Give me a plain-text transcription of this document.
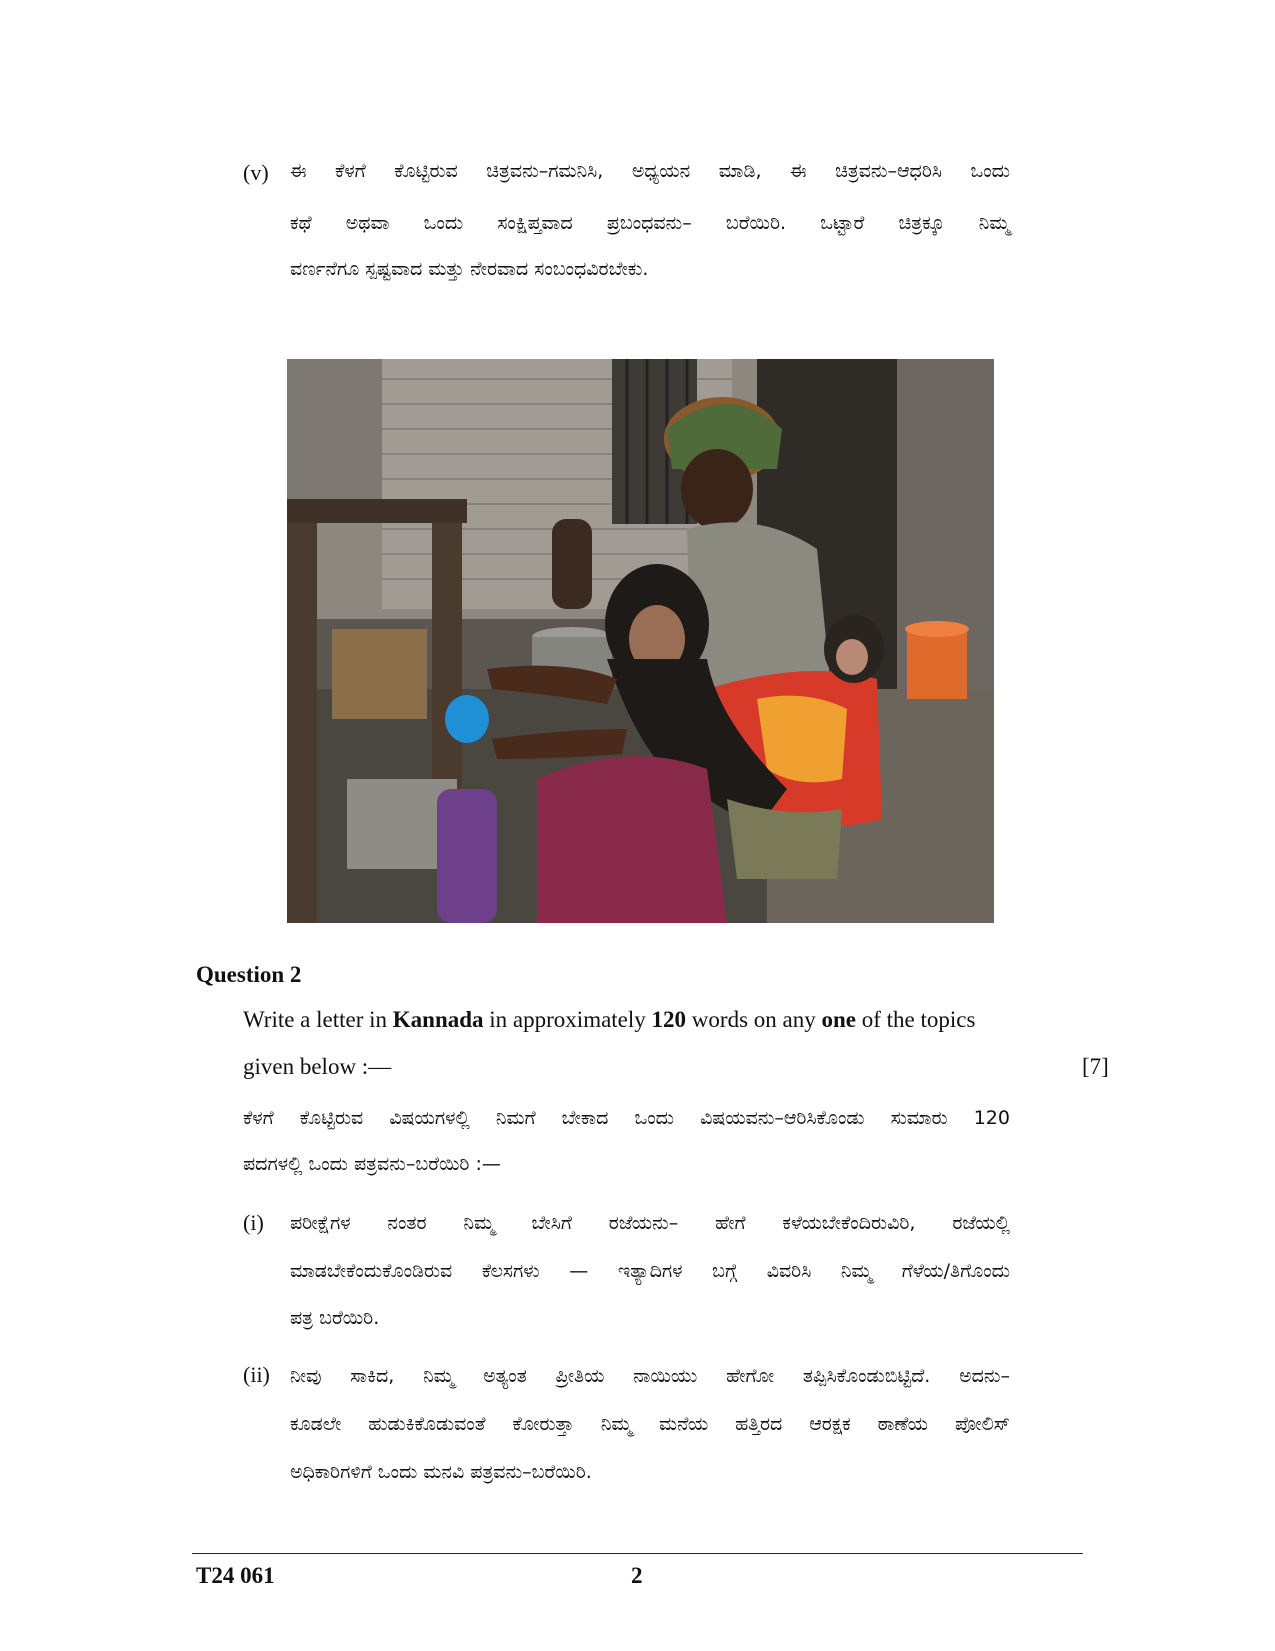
(v) ಈ ಕೆಳಗೆ ಕೊಟ್ಟಿರುವ ಚಿತ್ರವನು–ಗಮನಿಸಿ, ಅಧ್ಯಯನ ಮಾಡಿ, ಈ ಚಿತ್ರವನು–ಆಧರಿಸಿ ಒಂದು
ಕಥೆ ಅಥವಾ ಒಂದು ಸಂಕ್ಷಿಪ್ತವಾದ ಪ್ರಬಂಧವನು– ಬರೆಯಿರಿ. ಒಟ್ಟಾರೆ ಚಿತ್ರಕ್ಕೂ ನಿಮ್ಮ
ವರ್ಣನೆಗೂ ಸ್ಪಷ್ಟವಾದ ಮತ್ತು ನೇರವಾದ ಸಂಬಂಧವಿರಬೇಕು.
Question 2
Write a letter in Kannada in approximately 120 words on any one of the topics
given below :—	[7]
ಕೆಳಗೆ ಕೊಟ್ಟಿರುವ ವಿಷಯಗಳಲ್ಲಿ ನಿಮಗೆ ಬೇಕಾದ ಒಂದು ವಿಷಯವನು–ಆರಿಸಿಕೊಂಡು ಸುಮಾರು 120
ಪದಗಳಲ್ಲಿ ಒಂದು ಪತ್ರವನು–ಬರೆಯಿರಿ :—
(i) ಪರೀಕ್ಷೆಗಳ ನಂತರ ನಿಮ್ಮ ಬೇಸಿಗೆ ರಜೆಯನು– ಹೇಗೆ ಕಳೆಯಬೇಕೆಂದಿರುವಿರಿ, ರಜೆಯಲ್ಲಿ
ಮಾಡಬೇಕೆಂದುಕೊಂಡಿರುವ ಕೆಲಸಗಳು — ಇತ್ಯಾದಿಗಳ ಬಗ್ಗೆ ವಿವರಿಸಿ ನಿಮ್ಮ ಗೆಳೆಯ/ತಿಗೊಂದು
ಪತ್ರ ಬರೆಯಿರಿ.
(ii) ನೀವು ಸಾಕಿದ, ನಿಮ್ಮ ಅತ್ಯಂತ ಪ್ರೀತಿಯ ನಾಯಿಯು ಹೇಗೋ ತಪ್ಪಿಸಿಕೊಂಡುಬಿಟ್ಟಿದೆ. ಅದನು–
ಕೂಡಲೇ ಹುಡುಕಿಕೊಡುವಂತೆ ಕೋರುತ್ತಾ ನಿಮ್ಮ ಮನೆಯ ಹತ್ತಿರದ ಆರಕ್ಷಕ ಠಾಣೆಯ ಪೋಲಿಸ್
ಅಧಿಕಾರಿಗಳಿಗೆ ಒಂದು ಮನವಿ ಪತ್ರವನು–ಬರೆಯಿರಿ.
T24 061	2
